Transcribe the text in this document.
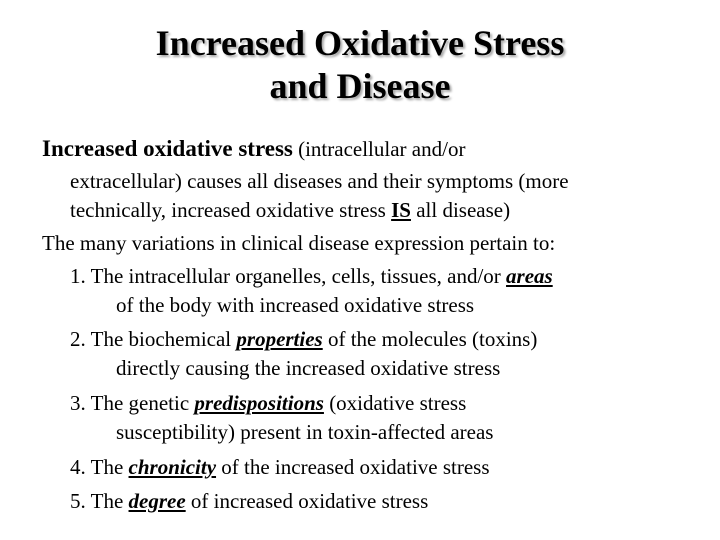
Increased Oxidative Stress
and Disease
Increased oxidative stress (intracellular and/or
extracellular) causes all diseases and their symptoms (more
technically, increased oxidative stress IS all disease)
The many variations in clinical disease expression pertain to:
1. The intracellular organelles, cells, tissues, and/or areas
of the body with increased oxidative stress
2. The biochemical properties of the molecules (toxins)
directly causing the increased oxidative stress
3. The genetic predispositions (oxidative stress
susceptibility) present in toxin-affected areas
4. The chronicity of the increased oxidative stress
5. The degree of increased oxidative stress
